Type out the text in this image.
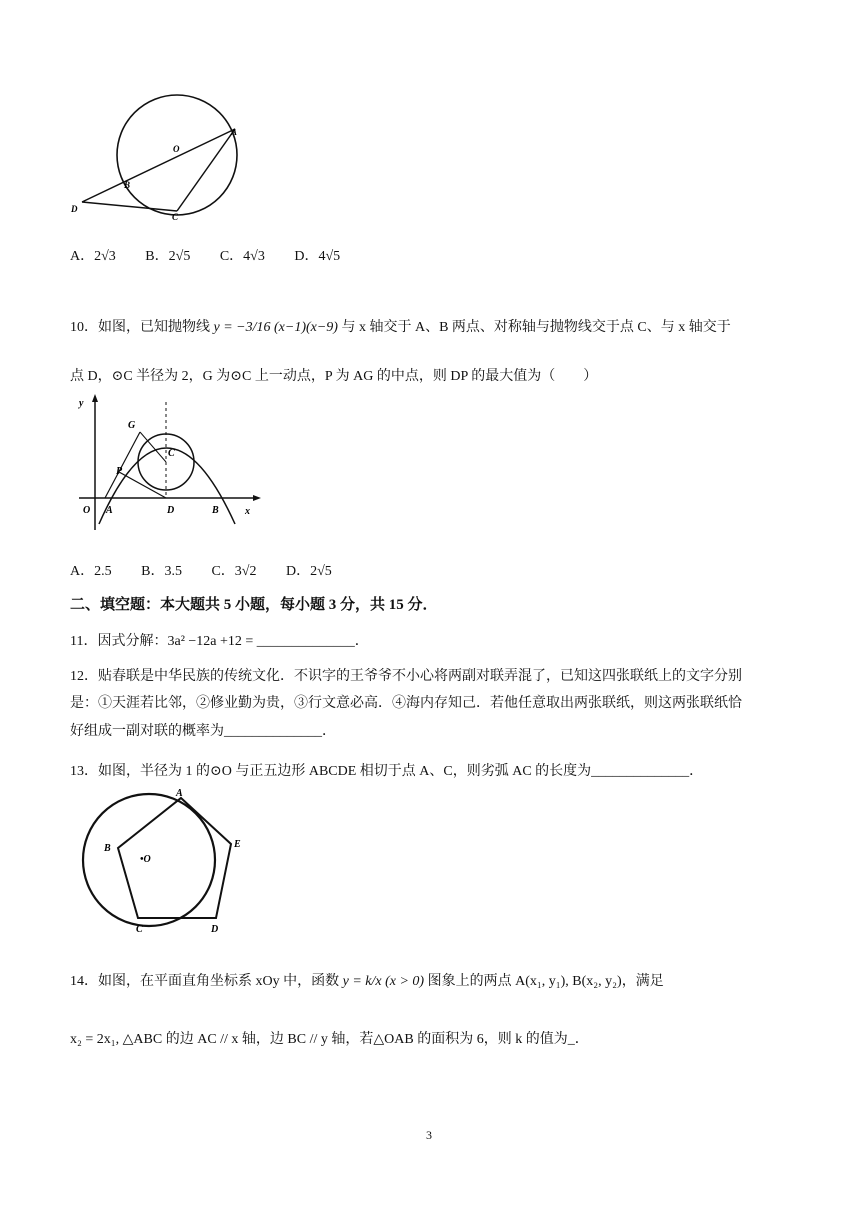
A
O
B
D
C
A．2√3 B．2√5 C．4√3 D．4√5
10．如图，已知抛物线 y = −3/16 (x−1)(x−9) 与 x 轴交于 A、B 两点、对称轴与抛物线交于点 C、与 x 轴交于
点 D，⊙C 半径为 2，G 为⊙C 上一动点，P 为 AG 的中点，则 DP 的最大值为（　　）
y
x
O A	D	B
C
G
P
A．2.5 B．3.5 C．3√2 D．2√5
二、填空题：本大题共 5 小题，每小题 3 分，共 15 分．
11．因式分解：3a² −12a +12 = ______________．
12．贴春联是中华民族的传统文化．不识字的王爷爷不小心将两副对联弄混了，已知这四张联纸上的文字分别
是：①天涯若比邻，②修业勤为贵，③行文意必高．④海内存知己．若他任意取出两张联纸，则这两张联纸恰
好组成一副对联的概率为______________．
13．如图，半径为 1 的⊙O 与正五边形 ABCDE 相切于点 A、C，则劣弧 AC 的长度为______________．
A
B
•O
E
C	D
14．如图，在平面直角坐标系 xOy 中，函数 y = k/x (x > 0) 图象上的两点 A(x₁, y₁), B(x₂, y₂)，满足
x₂ = 2x₁, △ABC 的边 AC // x 轴，边 BC // y 轴，若△OAB 的面积为 6，则 k 的值为_．
3
